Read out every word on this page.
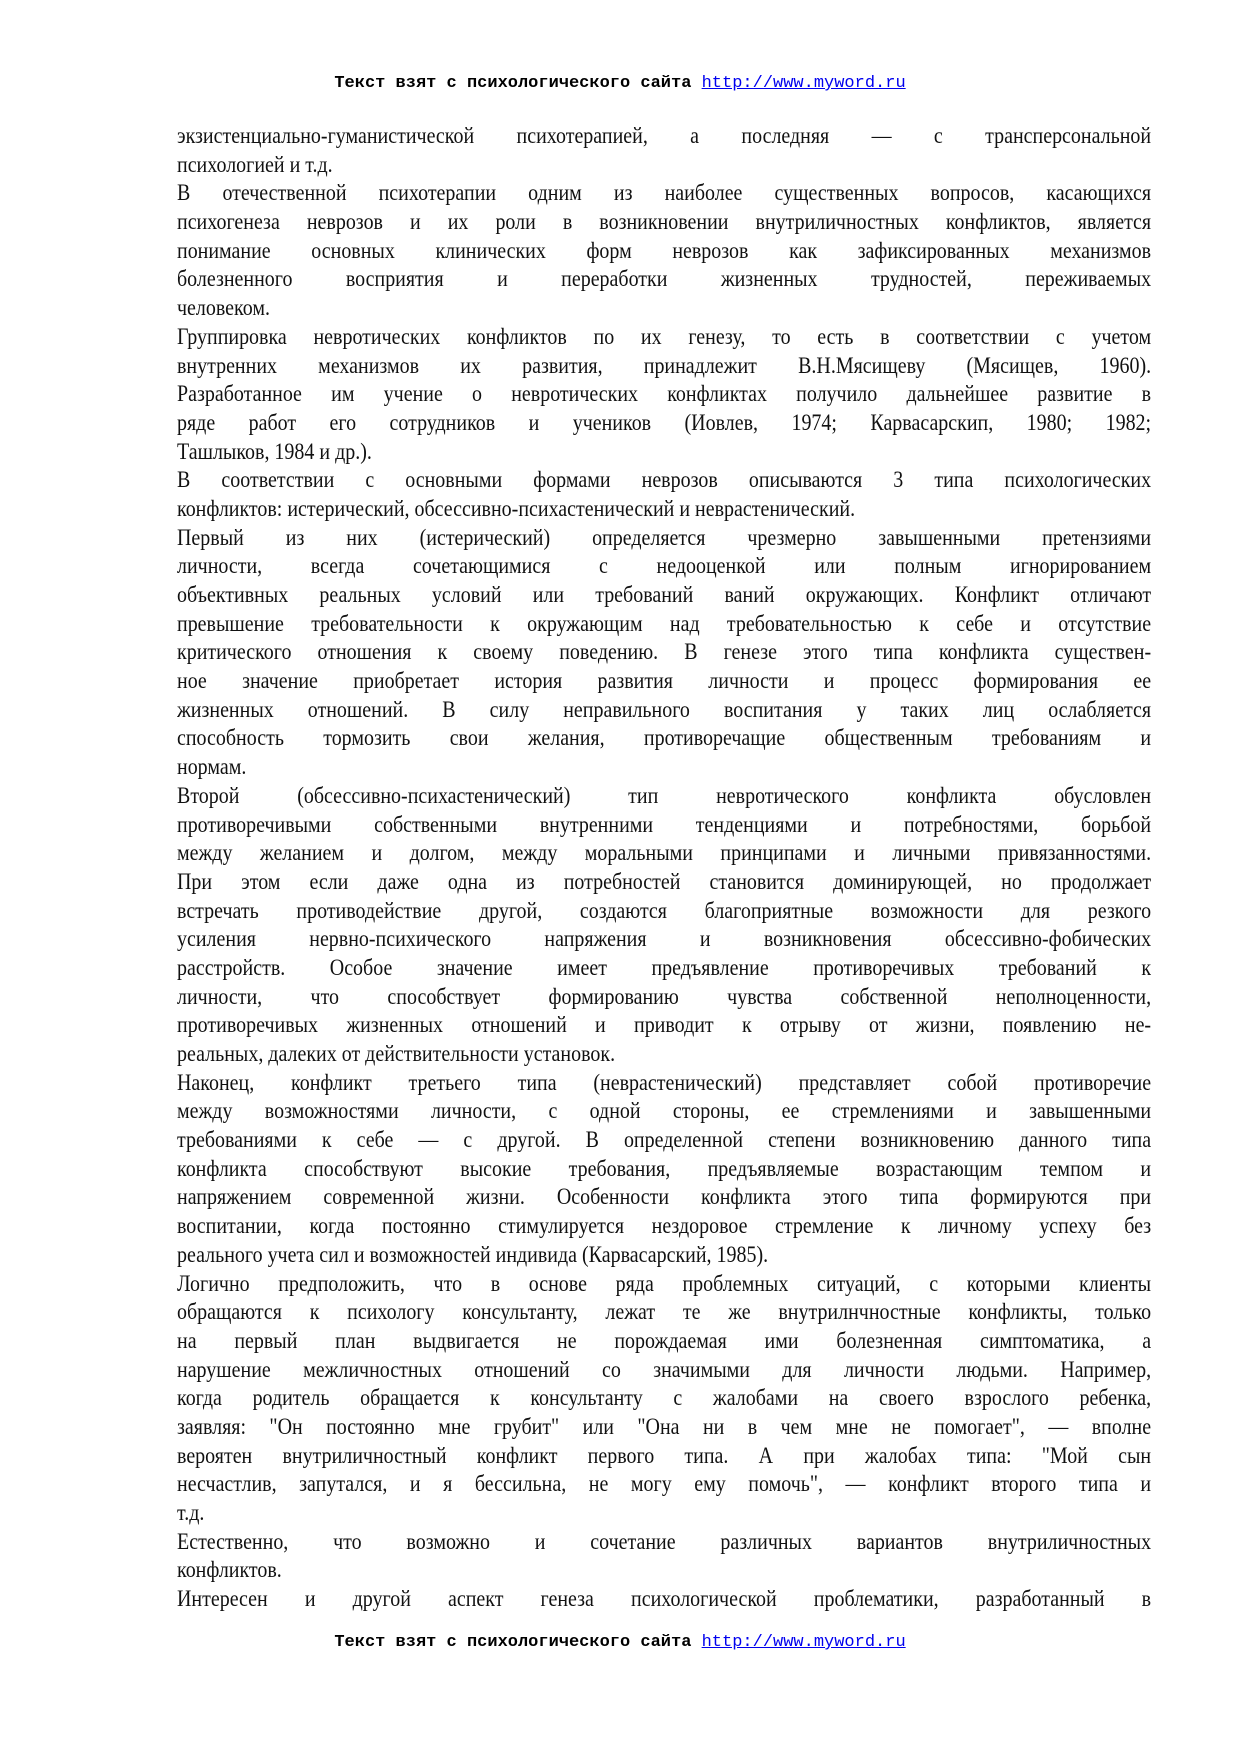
Текст взят с психологического сайта http://www.myword.ru
экзистенциально-гуманистической психотерапией, а последняя — с трансперсональной
психологией и т.д.
В отечественной психотерапии одним из наиболее существенных вопросов, касающихся
психогенеза неврозов и их роли в возникновении внутриличностных конфликтов, является
понимание основных клинических форм неврозов как зафиксированных механизмов
болезненного восприятия и переработки жизненных трудностей, переживаемых
человеком.
Группировка невротических конфликтов по их генезу, то есть в соответствии с учетом
внутренних механизмов их развития, принадлежит В.Н.Мясищеву (Мясищев, 1960).
Разработанное им учение о невротических конфликтах получило дальнейшее развитие в
ряде работ его сотрудников и учеников (Иовлев, 1974; Карвасарскип, 1980; 1982;
Ташлыков, 1984 и др.).
В соответствии с основными формами неврозов описываются 3 типа психологических
конфликтов: истерический, обсессивно-психастенический и неврастенический.
Первый из них (истерический) определяется чрезмерно завышенными претензиями
личности, всегда сочетающимися с недооценкой или полным игнорированием
объективных реальных условий или требований ваний окружающих. Конфликт отличают
превышение требовательности к окружающим над требовательностью к себе и отсутствие
критического отношения к своему поведению. В генезе этого типа конфликта существен-
ное значение приобретает история развития личности и процесс формирования ее
жизненных отношений. В силу неправильного воспитания у таких лиц ослабляется
способность тормозить свои желания, противоречащие общественным требованиям и
нормам.
Второй (обсессивно-психастенический) тип невротического конфликта обусловлен
противоречивыми собственными внутренними тенденциями и потребностями, борьбой
между желанием и долгом, между моральными принципами и личными привязанностями.
При этом если даже одна из потребностей становится доминирующей, но продолжает
встречать противодействие другой, создаются благоприятные возможности для резкого
усиления нервно-психического напряжения и возникновения обсессивно-фобических
расстройств. Особое значение имеет предъявление противоречивых требований к
личности, что способствует формированию чувства собственной неполноценности,
противоречивых жизненных отношений и приводит к отрыву от жизни, появлению не-
реальных, далеких от действительности установок.
Наконец, конфликт третьего типа (неврастенический) представляет собой противоречие
между возможностями личности, с одной стороны, ее стремлениями и завышенными
требованиями к себе — с другой. В определенной степени возникновению данного типа
конфликта способствуют высокие требования, предъявляемые возрастающим темпом и
напряжением современной жизни. Особенности конфликта этого типа формируются при
воспитании, когда постоянно стимулируется нездоровое стремление к личному успеху без
реального учета сил и возможностей индивида (Карвасарский, 1985).
Логично предположить, что в основе ряда проблемных ситуаций, с которыми клиенты
обращаются к психологу консультанту, лежат те же внутрилнчностные конфликты, только
на первый план выдвигается не порождаемая ими болезненная симптоматика, а
нарушение межличностных отношений со значимыми для личности людьми. Например,
когда родитель обращается к консультанту с жалобами на своего взрослого ребенка,
заявляя: "Он постоянно мне грубит" или "Она ни в чем мне не помогает", — вполне
вероятен внутриличностный конфликт первого типа. А при жалобах типа: "Мой сын
несчастлив, запутался, и я бессильна, не могу ему помочь", — конфликт второго типа и
т.д.
Естественно, что возможно и сочетание различных вариантов внутриличностных
конфликтов.
Интересен и другой аспект генеза психологической проблематики, разработанный в
Текст взят с психологического сайта http://www.myword.ru
